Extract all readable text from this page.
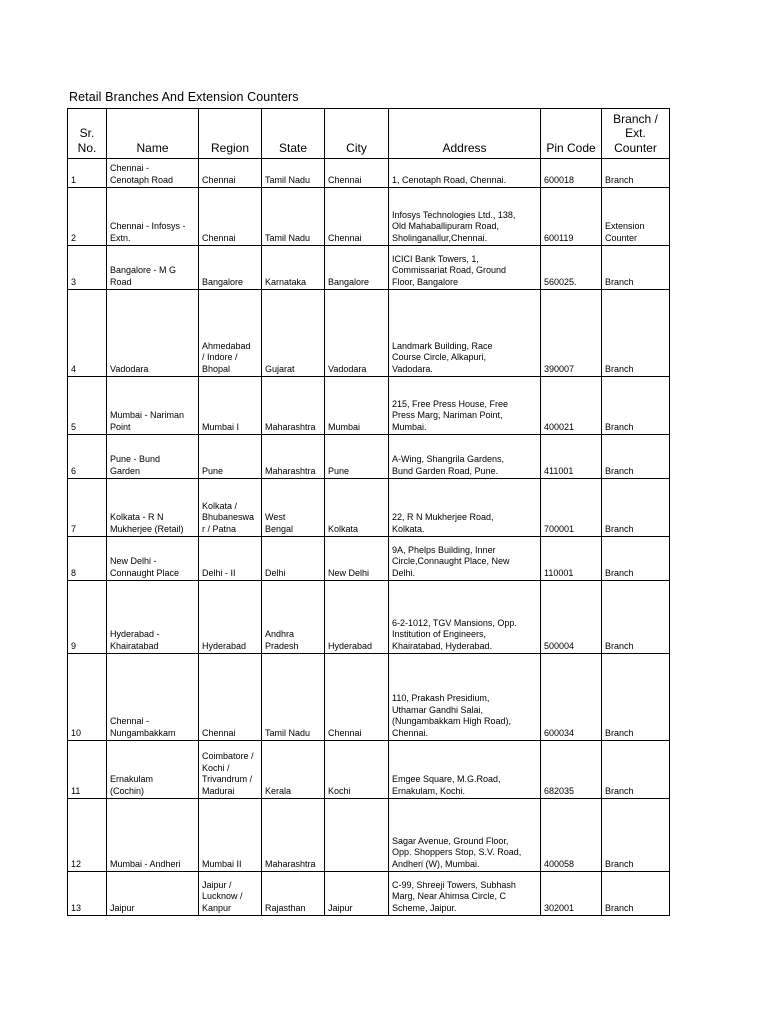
Retail Branches And Extension Counters
Sr.
No.	Name	Region	State	City	Address	Pin Code	Branch /
Ext.
Counter
1	Chennai -
Cenotaph Road	Chennai	Tamil Nadu	Chennai	1, Cenotaph Road, Chennai.	600018	Branch
2	Chennai - Infosys -
Extn.	Chennai	Tamil Nadu	Chennai	Infosys Technologies Ltd., 138,
Old Mahaballipuram Road,
Sholinganallur,Chennai.	600119	Extension
Counter
3	Bangalore - M G
Road	Bangalore	Karnataka	Bangalore	ICICI Bank Towers, 1,
Commissariat Road, Ground
Floor, Bangalore	560025.	Branch
4	Vadodara	Ahmedabad
/ Indore /
Bhopal	Gujarat	Vadodara	Landmark Building, Race
Course Circle, Alkapuri,
Vadodara.	390007	Branch
5	Mumbai - Nariman
Point	Mumbai I	Maharashtra	Mumbai	215, Free Press House, Free
Press Marg, Nariman Point,
Mumbai.	400021	Branch
6	Pune - Bund
Garden	Pune	Maharashtra	Pune	A-Wing, Shangrila Gardens,
Bund Garden Road, Pune.	411001	Branch
7	Kolkata - R N
Mukherjee (Retail)	Kolkata /
Bhubaneswa
r / Patna	West
Bengal	Kolkata	22, R N Mukherjee Road,
Kolkata.	700001	Branch
8	New Delhi -
Connaught Place	Delhi - II	Delhi	New Delhi	9A, Phelps Building, Inner
Circle,Connaught Place, New
Delhi.	110001	Branch
9	Hyderabad -
Khairatabad	Hyderabad	Andhra
Pradesh	Hyderabad	6-2-1012, TGV Mansions, Opp.
Institution of Engineers,
Khairatabad, Hyderabad.	500004	Branch
10	Chennai -
Nungambakkam	Chennai	Tamil Nadu	Chennai	110, Prakash Presidium,
Uthamar Gandhi Salai,
(Nungambakkam High Road),
Chennai.	600034	Branch
11	Ernakulam
(Cochin)	Coimbatore /
Kochi /
Trivandrum /
Madurai	Kerala	Kochi	Emgee Square, M.G.Road,
Ernakulam, Kochi.	682035	Branch
12	Mumbai - Andheri	Mumbai II	Maharashtra		Sagar Avenue, Ground Floor,
Opp. Shoppers Stop, S.V. Road,
Andheri (W), Mumbai.	400058	Branch
13	Jaipur	Jaipur /
Lucknow /
Kanpur	Rajasthan	Jaipur	C-99, Shreeji Towers, Subhash
Marg, Near Ahimsa Circle, C
Scheme, Jaipur.	302001	Branch
